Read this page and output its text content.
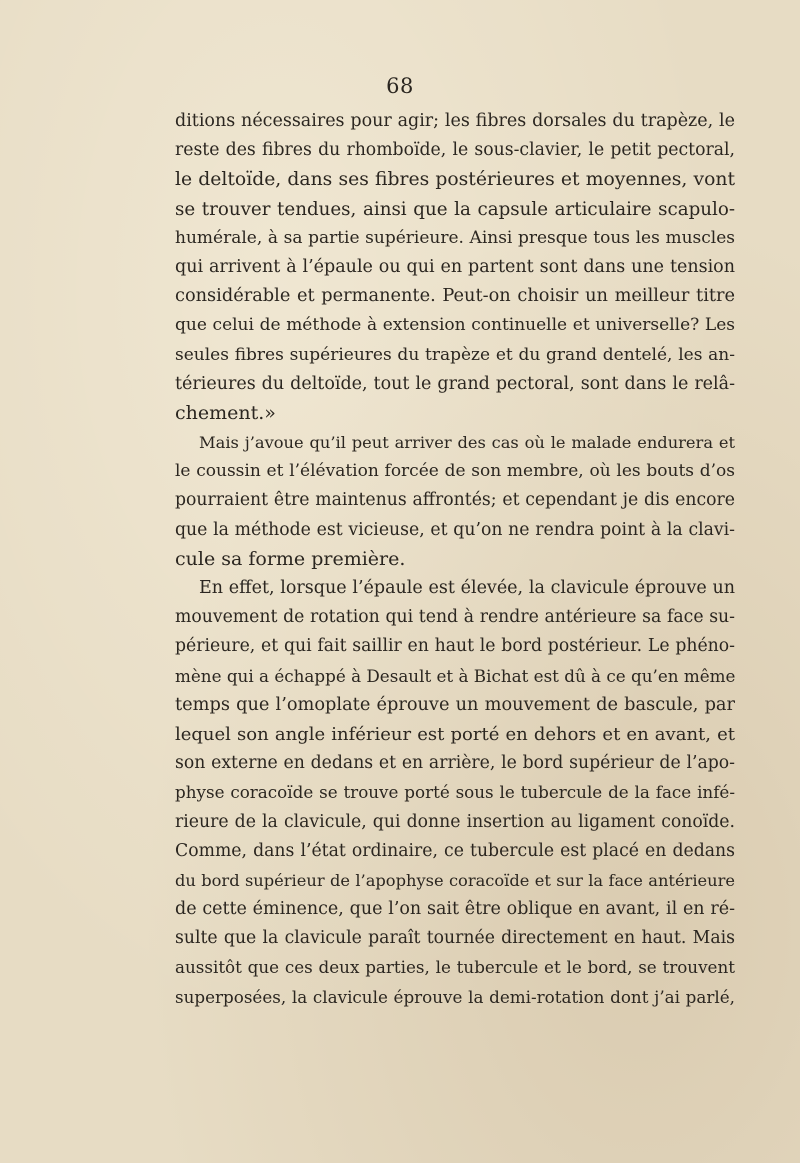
68
ditions nécessaires pour agir; les fibres dorsales du trapèze, le
reste des fibres du rhomboïde, le sous-clavier, le petit pectoral,
le deltoïde, dans ses fibres postérieures et moyennes, vont
se trouver tendues, ainsi que la capsule articulaire scapulo-
humérale, à sa partie supérieure. Ainsi presque tous les muscles
qui arrivent à l’épaule ou qui en partent sont dans une tension
considérable et permanente. Peut-on choisir un meilleur titre
que celui de méthode à extension continuelle et universelle? Les
seules fibres supérieures du trapèze et du grand dentelé, les an-
térieures du deltoïde, tout le grand pectoral, sont dans le relâ-
chement.»
Mais j’avoue qu’il peut arriver des cas où le malade endurera et
le coussin et l’élévation forcée de son membre, où les bouts d’os
pourraient être maintenus affrontés; et cependant je dis encore
que la méthode est vicieuse, et qu’on ne rendra point à la clavi-
cule sa forme première.
En effet, lorsque l’épaule est élevée, la clavicule éprouve un
mouvement de rotation qui tend à rendre antérieure sa face su-
périeure, et qui fait saillir en haut le bord postérieur. Le phéno-
mène qui a échappé à Desault et à Bichat est dû à ce qu’en même
temps que l’omoplate éprouve un mouvement de bascule, par
lequel son angle inférieur est porté en dehors et en avant, et
son externe en dedans et en arrière, le bord supérieur de l’apo-
physe coracoïde se trouve porté sous le tubercule de la face infé-
rieure de la clavicule, qui donne insertion au ligament conoïde.
Comme, dans l’état ordinaire, ce tubercule est placé en dedans
du bord supérieur de l’apophyse coracoïde et sur la face antérieure
de cette éminence, que l’on sait être oblique en avant, il en ré-
sulte que la clavicule paraît tournée directement en haut. Mais
aussitôt que ces deux parties, le tubercule et le bord, se trouvent
superposées, la clavicule éprouve la demi-rotation dont j’ai parlé,
